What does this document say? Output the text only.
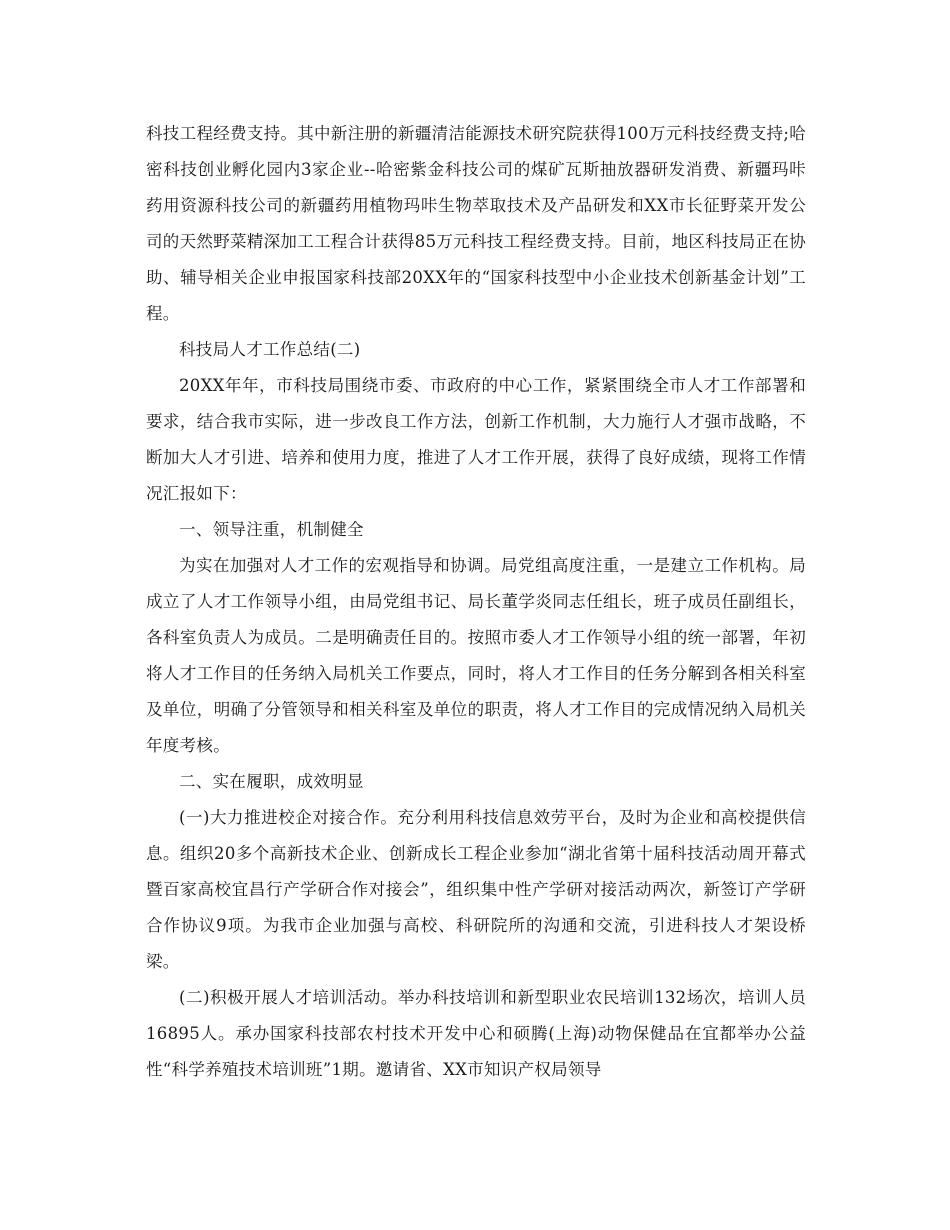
科技工程经费支持。其中新注册的新疆清洁能源技术研究院获得100万元科技经费支持;哈密科技创业孵化园内3家企业--哈密紫金科技公司的煤矿瓦斯抽放器研发消费、新疆玛咔药用资源科技公司的新疆药用植物玛咔生物萃取技术及产品研发和XX市长征野菜开发公司的天然野菜精深加工工程合计获得85万元科技工程经费支持。目前，地区科技局正在协助、辅导相关企业申报国家科技部20XX年的“国家科技型中小企业技术创新基金计划”工程。

科技局人才工作总结(二)

20XX年年，市科技局围绕市委、市政府的中心工作，紧紧围绕全市人才工作部署和要求，结合我市实际，进一步改良工作方法，创新工作机制，大力施行人才强市战略，不断加大人才引进、培养和使用力度，推进了人才工作开展，获得了良好成绩，现将工作情况汇报如下：

一、领导注重，机制健全

为实在加强对人才工作的宏观指导和协调。局党组高度注重，一是建立工作机构。局成立了人才工作领导小组，由局党组书记、局长董学炎同志任组长，班子成员任副组长，各科室负责人为成员。二是明确责任目的。按照市委人才工作领导小组的统一部署，年初将人才工作目的任务纳入局机关工作要点，同时，将人才工作目的任务分解到各相关科室及单位，明确了分管领导和相关科室及单位的职责，将人才工作目的完成情况纳入局机关年度考核。

二、实在履职，成效明显

(一)大力推进校企对接合作。充分利用科技信息效劳平台，及时为企业和高校提供信息。组织20多个高新技术企业、创新成长工程企业参加“湖北省第十届科技活动周开幕式暨百家高校宜昌行产学研合作对接会”，组织集中性产学研对接活动两次，新签订产学研合作协议9项。为我市企业加强与高校、科研院所的沟通和交流，引进科技人才架设桥梁。

(二)积极开展人才培训活动。举办科技培训和新型职业农民培训132场次，培训人员16895人。承办国家科技部农村技术开发中心和硕腾(上海)动物保健品在宜都举办公益性“科学养殖技术培训班”1期。邀请省、XX市知识产权局领导
